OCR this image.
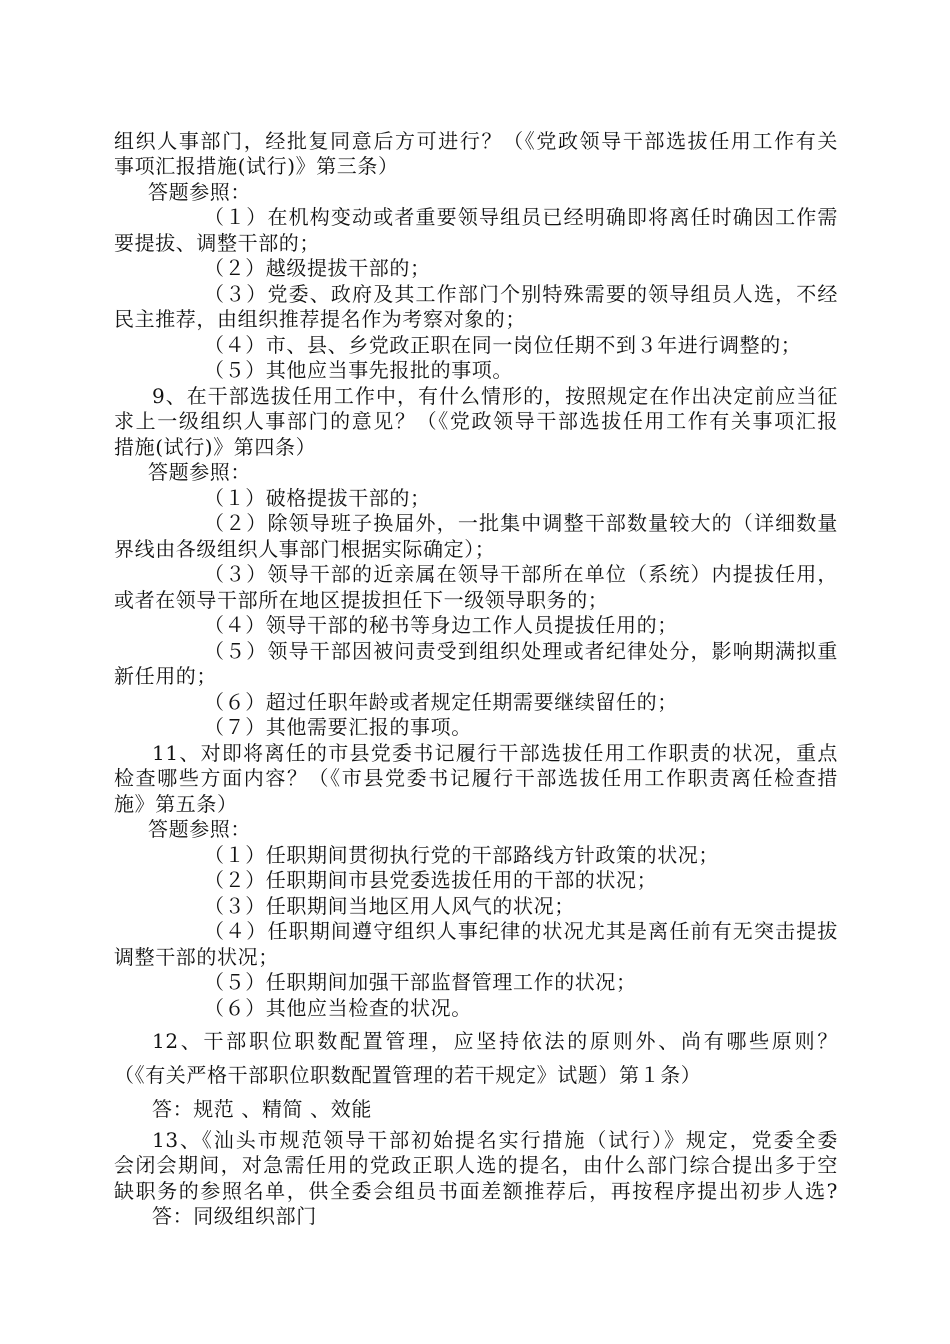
组织人事部门，经批复同意后方可进行？（《党政领导干部选拔任用工作有关
事项汇报措施(试行)》第三条）
答题参照：
（１）在机构变动或者重要领导组员已经明确即将离任时确因工作需
要提拔、调整干部的；
（２）越级提拔干部的；
（３）党委、政府及其工作部门个别特殊需要的领导组员人选，不经
民主推荐，由组织推荐提名作为考察对象的；
（４）市、县、乡党政正职在同一岗位任期不到３年进行调整的；
（５）其他应当事先报批的事项。
9、在干部选拔任用工作中，有什么情形的，按照规定在作出决定前应当征
求上一级组织人事部门的意见？（《党政领导干部选拔任用工作有关事项汇报
措施(试行)》第四条）
答题参照：
（１）破格提拔干部的；
（２）除领导班子换届外，一批集中调整干部数量较大的（详细数量
界线由各级组织人事部门根据实际确定）；
（３）领导干部的近亲属在领导干部所在单位（系统）内提拔任用，
或者在领导干部所在地区提拔担任下一级领导职务的；
（４）领导干部的秘书等身边工作人员提拔任用的；
（５）领导干部因被问责受到组织处理或者纪律处分，影响期满拟重
新任用的；
（６）超过任职年龄或者规定任期需要继续留任的；
（７）其他需要汇报的事项。
11、对即将离任的市县党委书记履行干部选拔任用工作职责的状况，重点
检查哪些方面内容？（《市县党委书记履行干部选拔任用工作职责离任检查措
施》第五条）
答题参照：
（１）任职期间贯彻执行党的干部路线方针政策的状况；
（２）任职期间市县党委选拔任用的干部的状况；
（３）任职期间当地区用人风气的状况；
（４）任职期间遵守组织人事纪律的状况尤其是离任前有无突击提拔
调整干部的状况；
（５）任职期间加强干部监督管理工作的状况；
（６）其他应当检查的状况。
12、干部职位职数配置管理，应坚持依法的原则外、尚有哪些原则？
（《有关严格干部职位职数配置管理的若干规定》试题）第１条）
答：规范 、精简 、效能
13、《汕头市规范领导干部初始提名实行措施（试行）》规定，党委全委
会闭会期间，对急需任用的党政正职人选的提名，由什么部门综合提出多于空
缺职务的参照名单，供全委会组员书面差额推荐后，再按程序提出初步人选?
答：同级组织部门
